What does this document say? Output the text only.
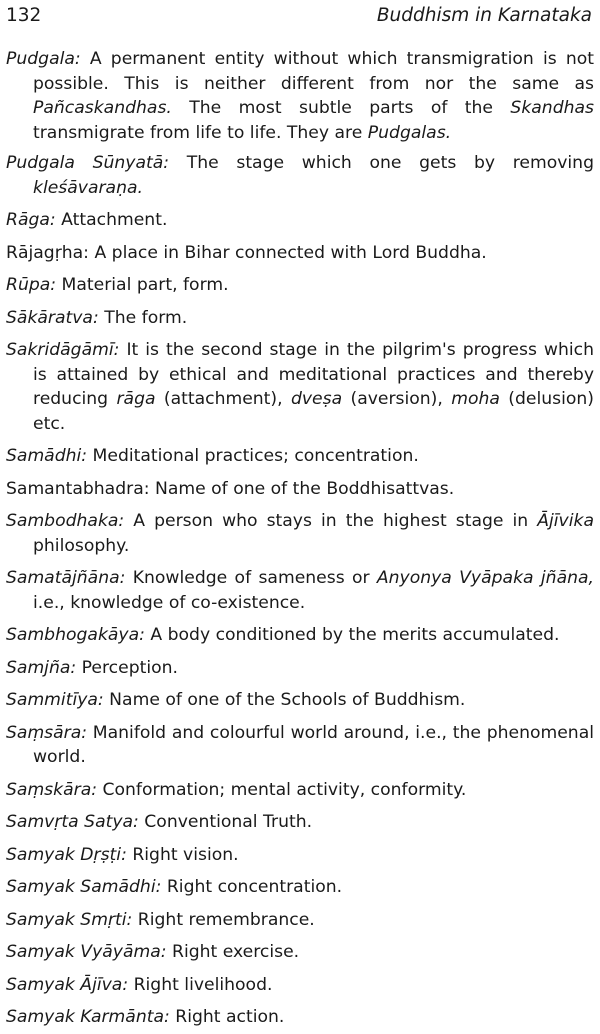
132	Buddhism in Karnataka

Pudgala: A permanent entity without which transmigration is not possible. This is neither different from nor the same as Pañcaskandhas. The most subtle parts of the Skandhas transmigrate from life to life. They are Pudgalas.

Pudgala Sūnyatā: The stage which one gets by removing kleśāvaraṇa.

Rāga: Attachment.

Rājagṛha: A place in Bihar connected with Lord Buddha.

Rūpa: Material part, form.

Sākāratva: The form.

Sakridāgāmī: It is the second stage in the pilgrim's progress which is attained by ethical and meditational practices and thereby reducing rāga (attachment), dveṣa (aversion), moha (delusion) etc.

Samādhi: Meditational practices; concentration.

Samantabhadra: Name of one of the Boddhisattvas.

Sambodhaka: A person who stays in the highest stage in Ājīvika philosophy.

Samatājñāna: Knowledge of sameness or Anyonya Vyāpaka jñāna, i.e., knowledge of co-existence.

Sambhogakāya: A body conditioned by the merits accumulated.

Samjña: Perception.

Sammitīya: Name of one of the Schools of Buddhism.

Saṃsāra: Manifold and colourful world around, i.e., the phenomenal world.

Saṃskāra: Conformation; mental activity, conformity.

Samvṛta Satya: Conventional Truth.

Samyak Dṛṣṭi: Right vision.

Samyak Samādhi: Right concentration.

Samyak Smṛti: Right remembrance.

Samyak Vyāyāma: Right exercise.

Samyak Ājīva: Right livelihood.

Samyak Karmānta: Right action.
